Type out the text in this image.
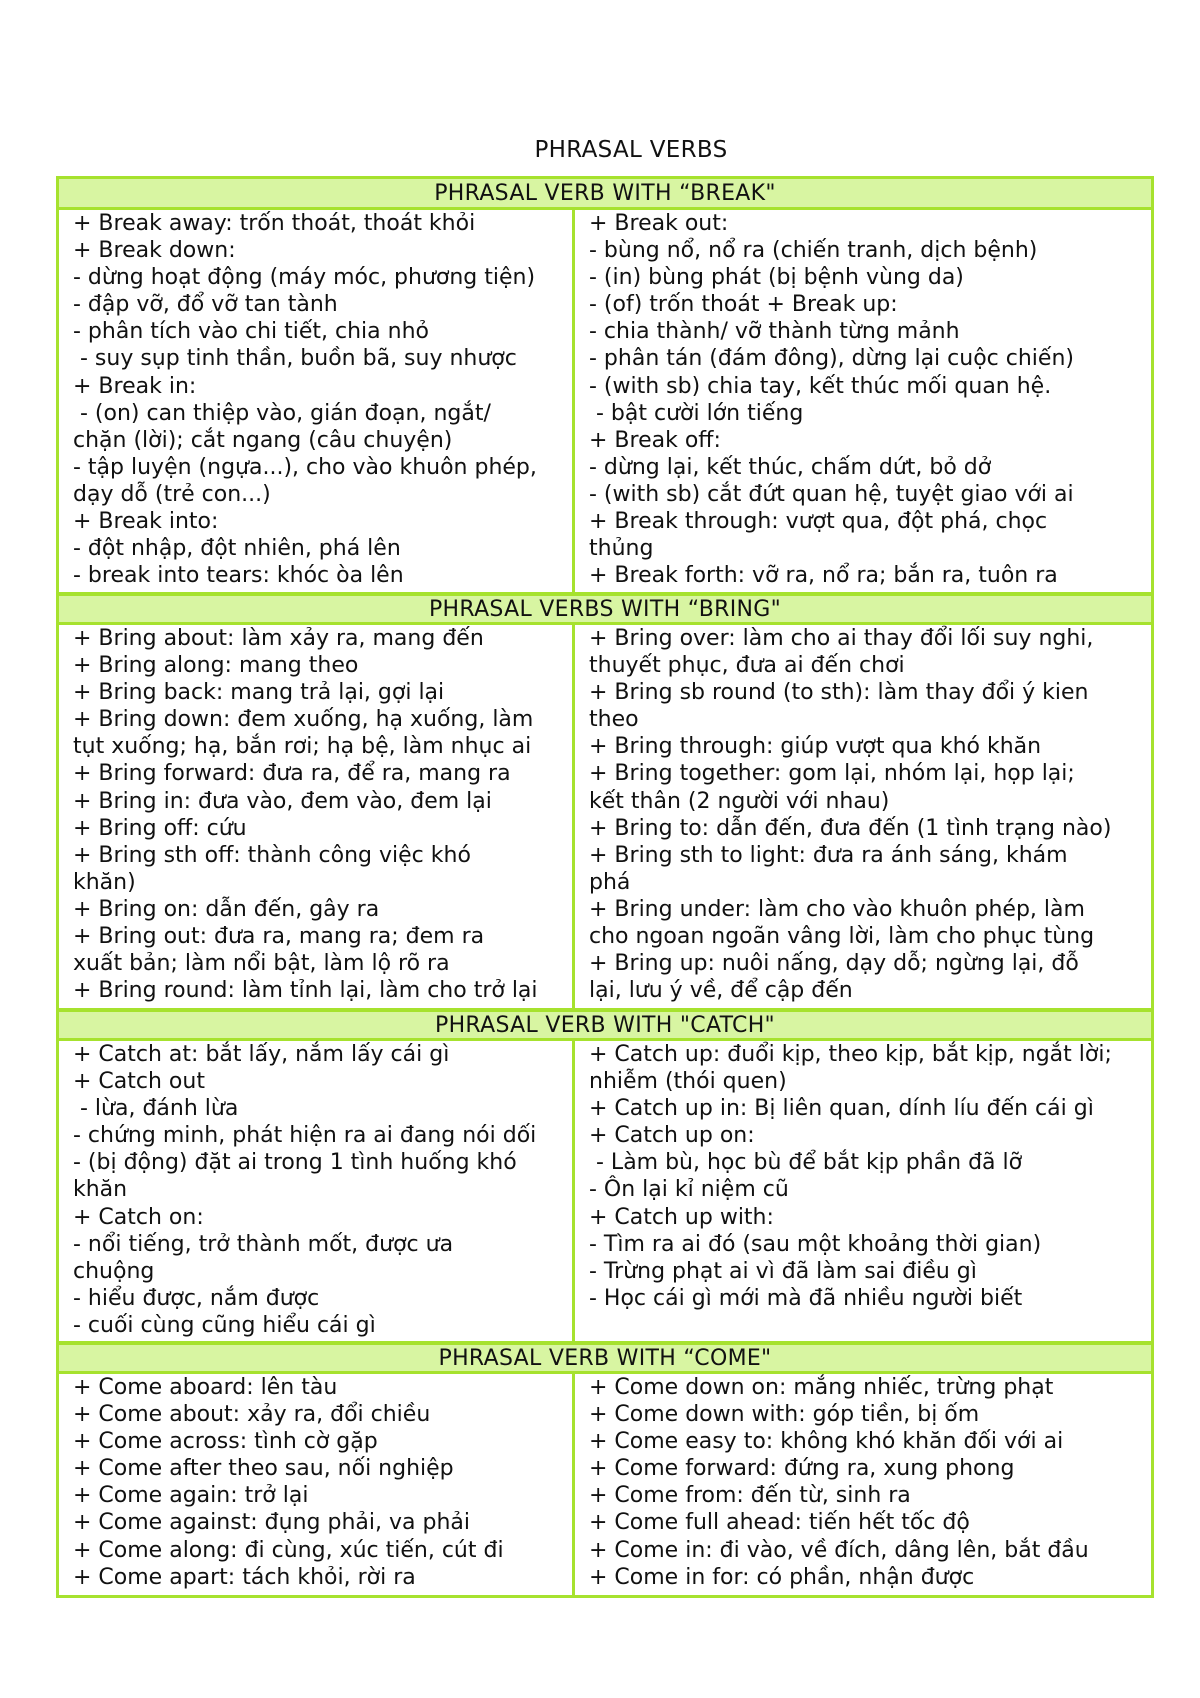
PHRASAL VERBS
PHRASAL VERB WITH “BREAK"
+ Break away: trốn thoát, thoát khỏi
+ Break down:
- dừng hoạt động (máy móc, phương tiện)
- đập vỡ, đổ vỡ tan tành
- phân tích vào chi tiết, chia nhỏ
- suy sụp tinh thần, buồn bã, suy nhược
+ Break in:
- (on) can thiệp vào, gián đoạn, ngắt/
chặn (lời); cắt ngang (câu chuyện)
- tập luyện (ngựa...), cho vào khuôn phép,
dạy dỗ (trẻ con...)
+ Break into:
- đột nhập, đột nhiên, phá lên
- break into tears: khóc òa lên
+ Break out:
- bùng nổ, nổ ra (chiến tranh, dịch bệnh)
- (in) bùng phát (bị bệnh vùng da)
- (of) trốn thoát + Break up:
- chia thành/ vỡ thành từng mảnh
- phân tán (đám đông), dừng lại cuộc chiến)
- (with sb) chia tay, kết thúc mối quan hệ.
- bật cười lớn tiếng
+ Break off:
- dừng lại, kết thúc, chấm dứt, bỏ dở
- (with sb) cắt đứt quan hệ, tuyệt giao với ai
+ Break through: vượt qua, đột phá, chọc
thủng
+ Break forth: vỡ ra, nổ ra; bắn ra, tuôn ra
PHRASAL VERBS WITH “BRING"
+ Bring about: làm xảy ra, mang đến
+ Bring along: mang theo
+ Bring back: mang trả lại, gợi lại
+ Bring down: đem xuống, hạ xuống, làm
tụt xuống; hạ, bắn rơi; hạ bệ, làm nhục ai
+ Bring forward: đưa ra, để ra, mang ra
+ Bring in: đưa vào, đem vào, đem lại
+ Bring off: cứu
+ Bring sth off: thành công việc khó
khăn)
+ Bring on: dẫn đến, gây ra
+ Bring out: đưa ra, mang ra; đem ra
xuất bản; làm nổi bật, làm lộ rõ ra
+ Bring round: làm tỉnh lại, làm cho trở lại
+ Bring over: làm cho ai thay đổi lối suy nghi,
thuyết phục, đưa ai đến chơi
+ Bring sb round (to sth): làm thay đổi ý kien
theo
+ Bring through: giúp vượt qua khó khăn
+ Bring together: gom lại, nhóm lại, họp lại;
kết thân (2 người với nhau)
+ Bring to: dẫn đến, đưa đến (1 tình trạng nào)
+ Bring sth to light: đưa ra ánh sáng, khám
phá
+ Bring under: làm cho vào khuôn phép, làm
cho ngoan ngoãn vâng lời, làm cho phục tùng
+ Bring up: nuôi nấng, dạy dỗ; ngừng lại, đỗ
lại, lưu ý về, để cập đến
PHRASAL VERB WITH "CATCH"
+ Catch at: bắt lấy, nắm lấy cái gì
+ Catch out
- lừa, đánh lừa
- chứng minh, phát hiện ra ai đang nói dối
- (bị động) đặt ai trong 1 tình huống khó
khăn
+ Catch on:
- nổi tiếng, trở thành mốt, được ưa
chuộng
- hiểu được, nắm được
- cuối cùng cũng hiểu cái gì
+ Catch up: đuổi kịp, theo kịp, bắt kịp, ngắt lời;
nhiễm (thói quen)
+ Catch up in: Bị liên quan, dính líu đến cái gì
+ Catch up on:
- Làm bù, học bù để bắt kịp phần đã lỡ
- Ôn lại kỉ niệm cũ
+ Catch up with:
- Tìm ra ai đó (sau một khoảng thời gian)
- Trừng phạt ai vì đã làm sai điều gì
- Học cái gì mới mà đã nhiều người biết
PHRASAL VERB WITH “COME"
+ Come aboard: lên tàu
+ Come about: xảy ra, đổi chiều
+ Come across: tình cờ gặp
+ Come after theo sau, nối nghiệp
+ Come again: trở lại
+ Come against: đụng phải, va phải
+ Come along: đi cùng, xúc tiến, cút đi
+ Come apart: tách khỏi, rời ra
+ Come down on: mắng nhiếc, trừng phạt
+ Come down with: góp tiền, bị ốm
+ Come easy to: không khó khăn đối với ai
+ Come forward: đứng ra, xung phong
+ Come from: đến từ, sinh ra
+ Come full ahead: tiến hết tốc độ
+ Come in: đi vào, về đích, dâng lên, bắt đầu
+ Come in for: có phần, nhận được
